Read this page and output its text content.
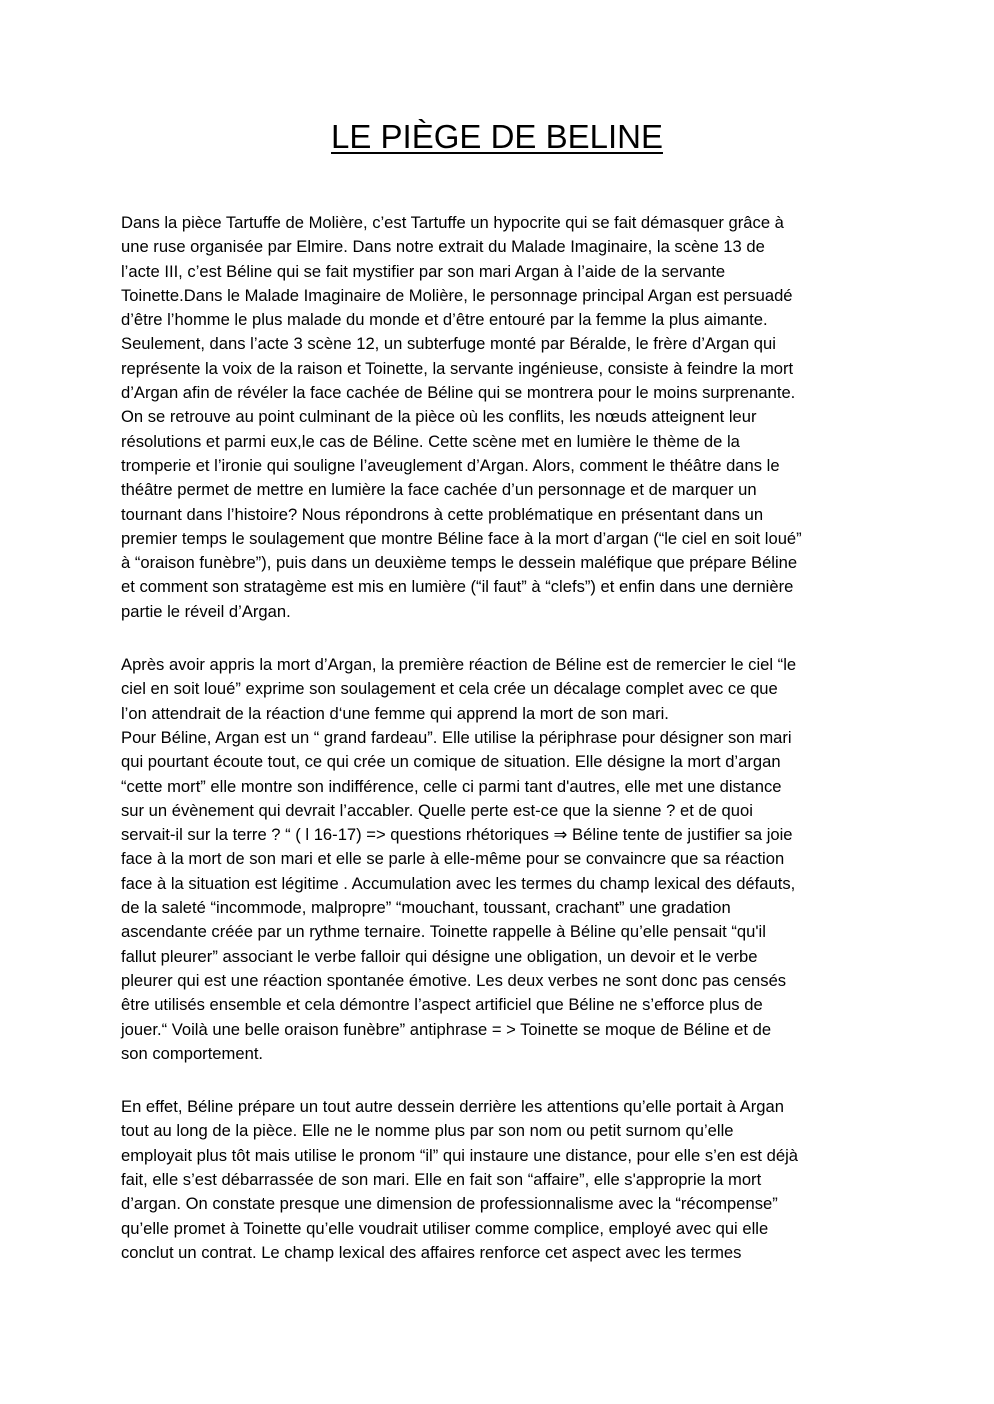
LE PIÈGE DE BELINE
Dans la pièce Tartuffe de Molière, c’est Tartuffe un hypocrite qui se fait démasquer grâce à
une ruse organisée par Elmire. Dans notre extrait du Malade Imaginaire, la scène 13 de
l’acte III, c’est Béline qui se fait mystifier par son mari Argan à l’aide de la servante
Toinette.Dans le Malade Imaginaire de Molière, le personnage principal Argan est persuadé
d’être l’homme le plus malade du monde et d’être entouré par la femme la plus aimante.
Seulement, dans l’acte 3 scène 12, un subterfuge monté par Béralde, le frère d’Argan qui
représente la voix de la raison et Toinette, la servante ingénieuse, consiste à feindre la mort
d’Argan afin de révéler la face cachée de Béline qui se montrera pour le moins surprenante.
On se retrouve au point culminant de la pièce où les conflits, les nœuds atteignent leur
résolutions et parmi eux,le cas de Béline. Cette scène met en lumière le thème de la
tromperie et l’ironie qui souligne l’aveuglement d’Argan. Alors, comment le théâtre dans le
théâtre permet de mettre en lumière la face cachée d’un personnage et de marquer un
tournant dans l’histoire? Nous répondrons à cette problématique en présentant dans un
premier temps le soulagement que montre Béline face à la mort d’argan (“le ciel en soit loué”
à “oraison funèbre”), puis dans un deuxième temps le dessein maléfique que prépare Béline
et comment son stratagème est mis en lumière (“il faut” à “clefs”) et enfin dans une dernière
partie le réveil d’Argan.
Après avoir appris la mort d’Argan, la première réaction de Béline est de remercier le ciel “le
ciel en soit loué” exprime son soulagement et cela crée un décalage complet avec ce que
l’on attendrait de la réaction d‘une femme qui apprend la mort de son mari.
Pour Béline, Argan est un “ grand fardeau”. Elle utilise la périphrase pour désigner son mari
qui pourtant écoute tout, ce qui crée un comique de situation. Elle désigne la mort d’argan
“cette mort” elle montre son indifférence, celle ci parmi tant d'autres, elle met une distance
sur un évènement qui devrait l’accabler. Quelle perte est-ce que la sienne ? et de quoi
servait-il sur la terre ? “ ( l 16-17) => questions rhétoriques ⇒ Béline tente de justifier sa joie
face à la mort de son mari et elle se parle à elle-même pour se convaincre que sa réaction
face à la situation est légitime . Accumulation avec les termes du champ lexical des défauts,
de la saleté “incommode, malpropre” “mouchant, toussant, crachant” une gradation
ascendante créée par un rythme ternaire. Toinette rappelle à Béline qu’elle pensait “qu'il
fallut pleurer” associant le verbe falloir qui désigne une obligation, un devoir et le verbe
pleurer qui est une réaction spontanée émotive. Les deux verbes ne sont donc pas censés
être utilisés ensemble et cela démontre l’aspect artificiel que Béline ne s’efforce plus de
jouer.“ Voilà une belle oraison funèbre” antiphrase = > Toinette se moque de Béline et de
son comportement.
En effet, Béline prépare un tout autre dessein derrière les attentions qu’elle portait à Argan
tout au long de la pièce. Elle ne le nomme plus par son nom ou petit surnom qu’elle
employait plus tôt mais utilise le pronom “il” qui instaure une distance, pour elle s’en est déjà
fait, elle s’est débarrassée de son mari. Elle en fait son “affaire”, elle s'approprie la mort
d’argan. On constate presque une dimension de professionnalisme avec la “récompense”
qu’elle promet à Toinette qu’elle voudrait utiliser comme complice, employé avec qui elle
conclut un contrat. Le champ lexical des affaires renforce cet aspect avec les termes
